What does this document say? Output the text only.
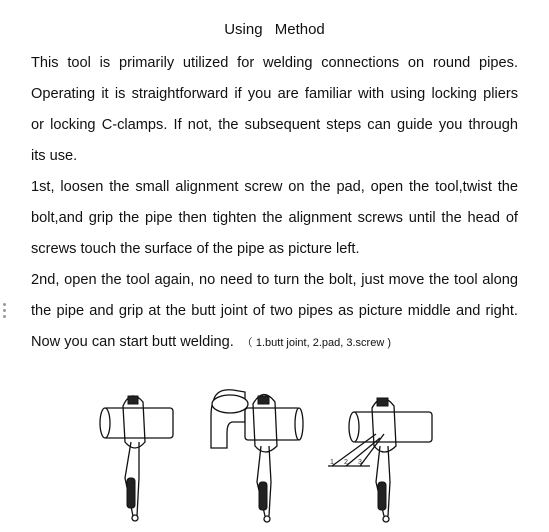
Using Method
This tool is primarily utilized for welding connections on round pipes.
Operating it is straightforward if you are familiar with using locking pliers
or locking C-clamps. If not, the subsequent steps can guide you through
its use.
1st, loosen the small alignment screw on the pad, open the tool,twist the
bolt,and grip the pipe then tighten the alignment screws until the head of
screws touch the surface of the pipe as picture left.
2nd, open the tool again, no need to turn the bolt, just move the tool along
the pipe and grip at the butt joint of two pipes as picture middle and right.
Now you can start butt welding. （ 1.butt joint, 2.pad, 3.screw )
1 2 3
